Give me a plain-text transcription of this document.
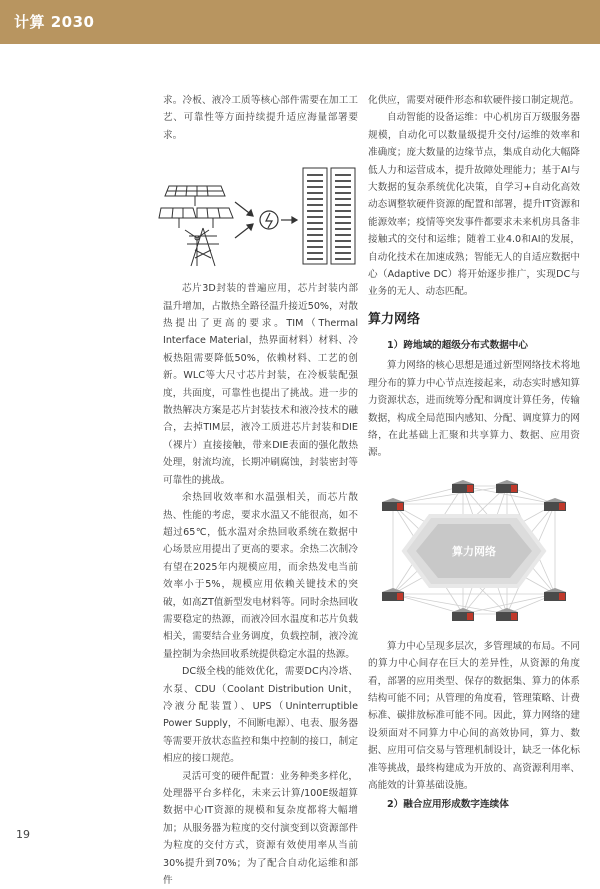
计算 2030

求。冷板、液冷工质等核心部件需要在加工工艺、可靠性等方面持续提升适应海量部署要求。

芯片3D封装的普遍应用，芯片封装内部温升增加，占散热全路径温升接近50%，对散热提出了更高的要求。TIM（Thermal Interface Material，热界面材料）材料、冷板热阻需要降低50%，依赖材料、工艺的创新。WLC等大尺寸芯片封装，在冷板装配强度，共面度，可靠性也提出了挑战。进一步的散热解决方案是芯片封装技术和液冷技术的融合，去掉TIM层，液冷工质进芯片封装和DIE（裸片）直接接触，带来DIE表面的强化散热处理，射流均流，长期冲刷腐蚀，封装密封等可靠性的挑战。

余热回收效率和水温强相关，而芯片散热、性能的考虑，要求水温又不能很高，如不超过65℃，低水温对余热回收系统在数据中心场景应用提出了更高的要求。余热二次制冷有望在2025年内规模应用，而余热发电当前效率小于5%，规模应用依赖关键技术的突破，如高ZT值新型发电材料等。同时余热回收需要稳定的热源，而液冷回水温度和芯片负载相关，需要结合业务调度，负载控制，液冷流量控制为余热回收系统提供稳定水温的热源。

DC级全栈的能效优化，需要DC内冷塔、水泵、CDU（Coolant Distribution Unit，冷液分配装置）、UPS（Uninterruptible Power Supply，不间断电源）、电表、服务器等需要开放状态监控和集中控制的接口，制定相应的接口规范。

灵活可变的硬件配置：业务种类多样化，处理器平台多样化，未来云计算/100E级超算数据中心IT资源的规模和复杂度都将大幅增加；从服务器为粒度的交付演变到以资源部件为粒度的交付方式，资源有效使用率从当前30%提升到70%；为了配合自动化运维和部件

化供应，需要对硬件形态和软硬件接口制定规范。

自动智能的设备运维：中心机房百万级服务器规模，自动化可以数量级提升交付/运维的效率和准确度；庞大数量的边缘节点，集成自动化大幅降低人力和运营成本，提升故障处理能力；基于AI与大数据的复杂系统优化决策，自学习+自动化高效动态调整软硬件资源的配置和部署，提升IT资源和能源效率；疫情等突发事件都要求未来机房具备非接触式的交付和运维；随着工业4.0和AI的发展，自动化技术在加速成熟；智能无人的自适应数据中心（Adaptive DC）将开始逐步推广，实现DC与业务的无人、动态匹配。

算力网络

1）跨地域的超级分布式数据中心

算力网络的核心思想是通过新型网络技术将地理分布的算力中心节点连接起来，动态实时感知算力资源状态，进而统筹分配和调度计算任务，传输数据，构成全局范围内感知、分配、调度算力的网络，在此基础上汇聚和共享算力、数据、应用资源。

算力网络

算力中心呈现多层次，多管理域的布局。不同的算力中心间存在巨大的差异性，从资源的角度看，部署的应用类型、保存的数据集、算力的体系结构可能不同；从管理的角度看，管理策略、计费标准、碳排放标准可能不同。因此，算力网络的建设须面对不同算力中心间的高效协同，算力、数据、应用可信交易与管理机制设计，缺乏一体化标准等挑战，最终构建成为开放的、高资源利用率、高能效的计算基础设施。

2）融合应用形成数字连续体

19
